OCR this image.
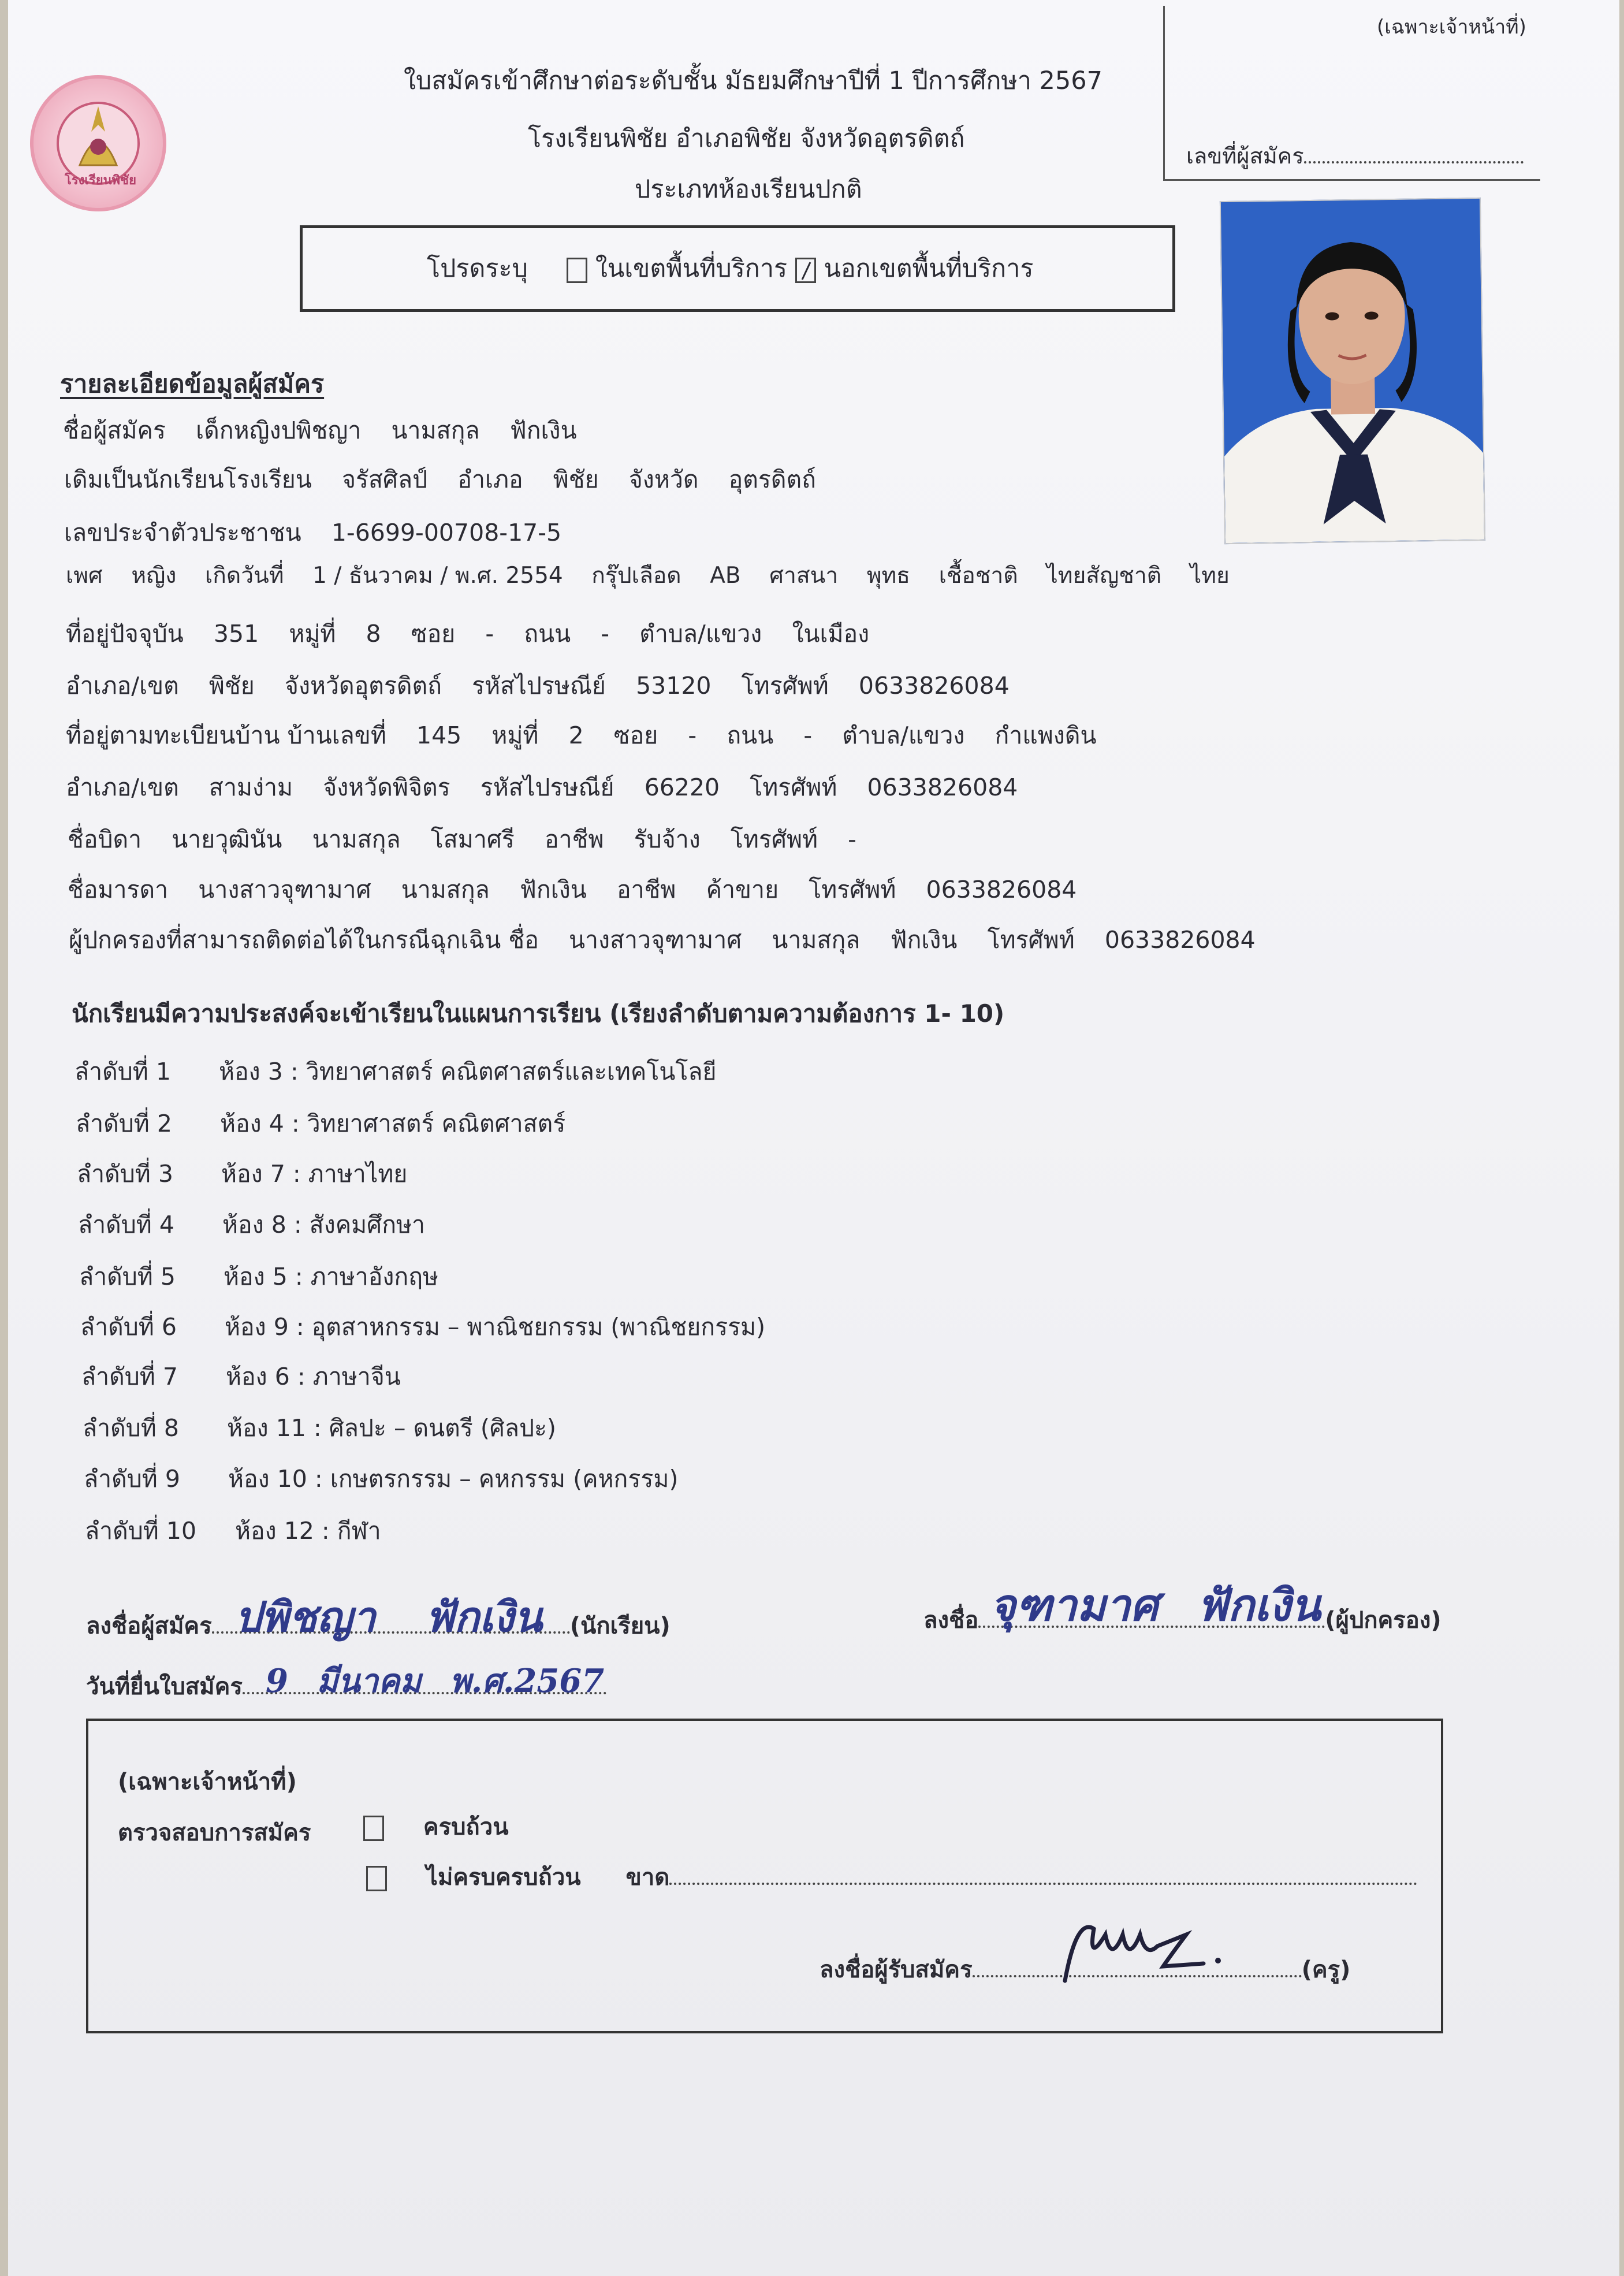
(เฉพาะเจ้าหน้าที่)
เลขที่ผู้สมัคร
โรงเรียนพิชัย
ใบสมัครเข้าศึกษาต่อระดับชั้น มัธยมศึกษาปีที่ 1 ปีการศึกษา 2567
โรงเรียนพิชัย อำเภอพิชัย จังหวัดอุตรดิตถ์
ประเภทห้องเรียนปกติ
โปรดระบุ	ในเขตพื้นที่บริการ นอกเขตพื้นที่บริการ
รายละเอียดข้อมูลผู้สมัคร
ชื่อผู้สมัคร    เด็กหญิงปพิชญา    นามสกุล    ฟักเงิน
เดิมเป็นนักเรียนโรงเรียน    จรัสศิลป์    อำเภอ    พิชัย    จังหวัด    อุตรดิตถ์
เลขประจำตัวประชาชน    1-6699-00708-17-5
เพศ    หญิง    เกิดวันที่    1 / ธันวาคม / พ.ศ. 2554    กรุ๊ปเลือด    AB    ศาสนา    พุทธ    เชื้อชาติ    ไทยสัญชาติ    ไทย
ที่อยู่ปัจจุบัน    351    หมู่ที่    8    ซอย    -    ถนน    -    ตำบล/แขวง    ในเมือง
อำเภอ/เขต    พิชัย    จังหวัดอุตรดิตถ์    รหัสไปรษณีย์    53120    โทรศัพท์    0633826084
ที่อยู่ตามทะเบียนบ้าน บ้านเลขที่    145    หมู่ที่    2    ซอย    -    ถนน    -    ตำบล/แขวง    กำแพงดิน
อำเภอ/เขต    สามง่าม    จังหวัดพิจิตร    รหัสไปรษณีย์    66220    โทรศัพท์    0633826084
ชื่อบิดา    นายวุฒินัน    นามสกุล    โสมาศรี    อาชีพ    รับจ้าง    โทรศัพท์    -
ชื่อมารดา    นางสาวจุฑามาศ    นามสกุล    ฟักเงิน    อาชีพ    ค้าขาย    โทรศัพท์    0633826084
ผู้ปกครองที่สามารถติดต่อได้ในกรณีฉุกเฉิน ชื่อ    นางสาวจุฑามาศ    นามสกุล    ฟักเงิน    โทรศัพท์    0633826084
นักเรียนมีความประสงค์จะเข้าเรียนในแผนการเรียน (เรียงลำดับตามความต้องการ 1- 10)
ลำดับที่ 1 ห้อง 3 : วิทยาศาสตร์ คณิตศาสตร์และเทคโนโลยี
ลำดับที่ 2 ห้อง 4 : วิทยาศาสตร์ คณิตศาสตร์
ลำดับที่ 3 ห้อง 7 : ภาษาไทย
ลำดับที่ 4 ห้อง 8 : สังคมศึกษา
ลำดับที่ 5 ห้อง 5 : ภาษาอังกฤษ
ลำดับที่ 6 ห้อง 9 : อุตสาหกรรม – พาณิชยกรรม (พาณิชยกรรม)
ลำดับที่ 7 ห้อง 6 : ภาษาจีน
ลำดับที่ 8 ห้อง 11 : ศิลปะ – ดนตรี (ศิลปะ)
ลำดับที่ 9 ห้อง 10 : เกษตรกรรม – คหกรรม (คหกรรม)
ลำดับที่ 10 ห้อง 12 : กีฬา
ลงชื่อผู้สมัคร ปพิชญา ฟักเงิน (นักเรียน)
วันที่ยื่นใบสมัคร 9 มีนาคม พ.ศ.2567
ลงชื่อ จุฑามาศ ฟักเงิน (ผู้ปกครอง)
(เฉพาะเจ้าหน้าที่)
ตรวจสอบการสมัคร	ครบถ้วน
ไม่ครบครบถ้วน ขาด
ลงชื่อผู้รับสมัคร	(ครู)
